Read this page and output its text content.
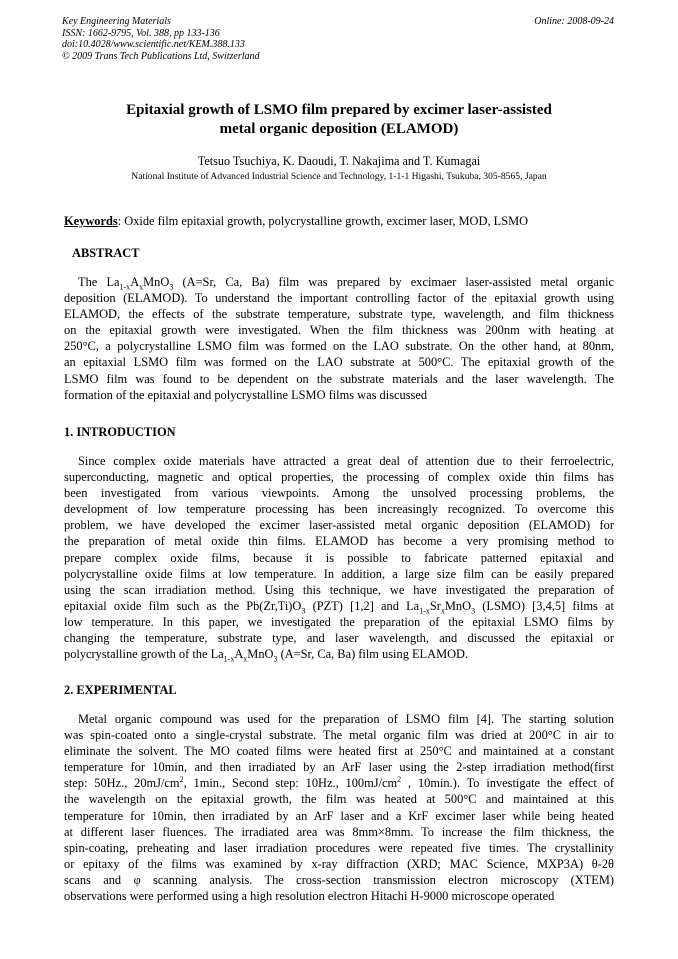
Key Engineering Materials
ISSN: 1662-9795, Vol. 388, pp 133-136
doi:10.4028/www.scientific.net/KEM.388.133
© 2009 Trans Tech Publications Ltd, Switzerland
Online: 2008-09-24
Epitaxial growth of LSMO film prepared by excimer laser-assisted
metal organic deposition (ELAMOD)
Tetsuo Tsuchiya, K. Daoudi, T. Nakajima and T. Kumagai
National Institute of Advanced Industrial Science and Technology, 1-1-1 Higashi, Tsukuba, 305-8565, Japan
Keywords: Oxide film epitaxial growth, polycrystalline growth, excimer laser, MOD, LSMO
ABSTRACT
The $La_{1-x}A_xMnO_3$ (A=Sr, Ca, Ba) film was prepared by excimaer laser-assisted metal organic
deposition (ELAMOD). To understand the important controlling factor of the epitaxial growth using
ELAMOD, the effects of the substrate temperature, substrate type, wavelength, and film thickness
on the epitaxial growth were investigated. When the film thickness was 200nm with heating at
250°C, a polycrystalline LSMO film was formed on the LAO substrate. On the other hand, at 80nm,
an epitaxial LSMO film was formed on the LAO substrate at 500°C. The epitaxial growth of the
LSMO film was found to be dependent on the substrate materials and the laser wavelength. The
formation of the epitaxial and polycrystalline LSMO films was discussed
1. INTRODUCTION
Since complex oxide materials have attracted a great deal of attention due to their ferroelectric,
superconducting, magnetic and optical properties, the processing of complex oxide thin films has
been investigated from various viewpoints. Among the unsolved processing problems, the
development of low temperature processing has been increasingly recognized. To overcome this
problem, we have developed the excimer laser-assisted metal organic deposition (ELAMOD) for
the preparation of metal oxide thin films. ELAMOD has become a very promising method to
prepare complex oxide films, because it is possible to fabricate patterned epitaxial and
polycrystalline oxide films at low temperature. In addition, a large size film can be easily prepared
using the scan irradiation method. Using this technique, we have investigated the preparation of
epitaxial oxide film such as the $Pb(Zr,Ti)O_3$ (PZT) [1,2] and $La_{1-x}Sr_xMnO_3$ (LSMO) [3,4,5] films at
low temperature. In this paper, we investigated the preparation of the epitaxial LSMO films by
changing the temperature, substrate type, and laser wavelength, and discussed the epitaxial or
polycrystalline growth of the $La_{1-x}A_xMnO_3$ (A=Sr, Ca, Ba) film using ELAMOD.
2. EXPERIMENTAL
Metal organic compound was used for the preparation of LSMO film [4]. The starting solution
was spin-coated onto a single-crystal substrate. The metal organic film was dried at 200°C in air to
eliminate the solvent. The MO coated films were heated first at 250°C and maintained at a constant
temperature for 10min, and then irradiated by an ArF laser using the 2-step irradiation method(first
step: 50Hz., $20mJ/cm^2$, 1min., Second step: 10Hz., $100mJ/cm^2$ , 10min.). To investigate the effect of
the wavelength on the epitaxial growth, the film was heated at 500°C and maintained at this
temperature for 10min, then irradiated by an ArF laser and a KrF excimer laser while being heated
at different laser fluences. The irradiated area was 8mm×8mm. To increase the film thickness, the
spin-coating, preheating and laser irradiation procedures were repeated five times. The crystallinity
or epitaxy of the films was examined by x-ray diffraction (XRD; MAC Science, MXP3A) θ-2θ
scans and φ scanning analysis. The cross-section transmission electron microscopy (XTEM)
observations were performed using a high resolution electron Hitachi H-9000 microscope operated
